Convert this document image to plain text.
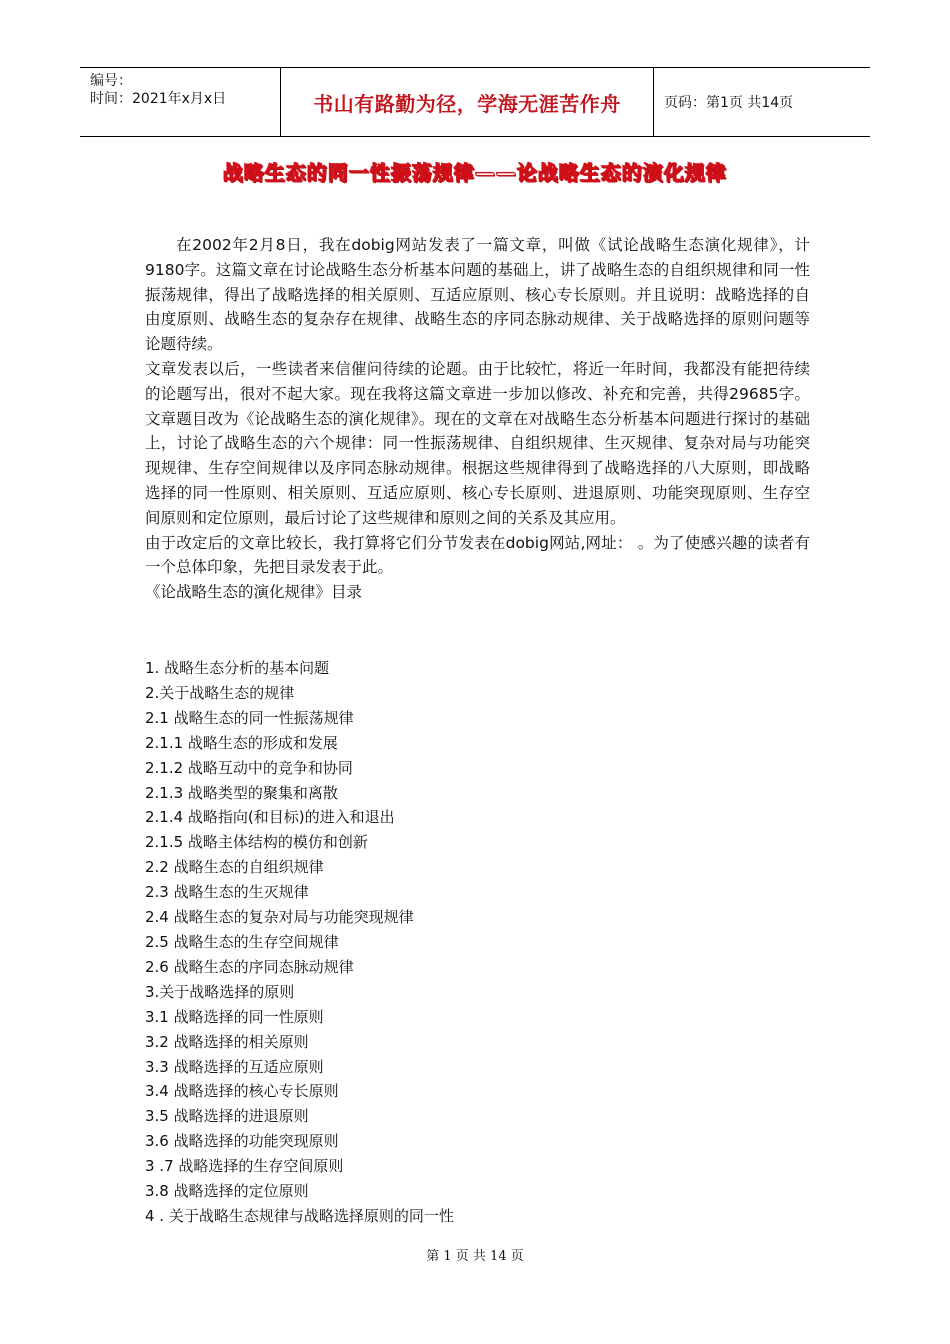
编号：
时间：2021年x月x日	书山有路勤为径，学海无涯苦作舟	页码：第1页 共14页
战略生态的同一性振荡规律——论战略生态的演化规律

在2002年2月8日，我在dobig网站发表了一篇文章，叫做《试论战略生态演化规律》，计9180字。这篇文章在讨论战略生态分析基本问题的基础上，讲了战略生态的自组织规律和同一性振荡规律，得出了战略选择的相关原则、互适应原则、核心专长原则。并且说明：战略选择的自由度原则、战略生态的复杂存在规律、战略生态的序同态脉动规律、关于战略选择的原则问题等论题待续。

文章发表以后，一些读者来信催问待续的论题。由于比较忙，将近一年时间，我都没有能把待续的论题写出，很对不起大家。现在我将这篇文章进一步加以修改、补充和完善，共得29685字。文章题目改为《论战略生态的演化规律》。现在的文章在对战略生态分析基本问题进行探讨的基础上，讨论了战略生态的六个规律：同一性振荡规律、自组织规律、生灭规律、复杂对局与功能突现规律、生存空间规律以及序同态脉动规律。根据这些规律得到了战略选择的八大原则，即战略选择的同一性原则、相关原则、互适应原则、核心专长原则、进退原则、功能突现原则、生存空间原则和定位原则，最后讨论了这些规律和原则之间的关系及其应用。

由于改定后的文章比较长，我打算将它们分节发表在dobig网站,网址： 。为了使感兴趣的读者有一个总体印象，先把目录发表于此。

《论战略生态的演化规律》目录

1. 战略生态分析的基本问题
2.关于战略生态的规律
2.1 战略生态的同一性振荡规律
2.1.1 战略生态的形成和发展
2.1.2 战略互动中的竞争和协同
2.1.3 战略类型的聚集和离散
2.1.4 战略指向(和目标)的进入和退出
2.1.5 战略主体结构的模仿和创新
2.2 战略生态的自组织规律
2.3 战略生态的生灭规律
2.4 战略生态的复杂对局与功能突现规律
2.5 战略生态的生存空间规律
2.6 战略生态的序同态脉动规律
3.关于战略选择的原则
3.1 战略选择的同一性原则
3.2 战略选择的相关原则
3.3 战略选择的互适应原则
3.4 战略选择的核心专长原则
3.5 战略选择的进退原则
3.6 战略选择的功能突现原则
3 .7 战略选择的生存空间原则
3.8 战略选择的定位原则
4 . 关于战略生态规律与战略选择原则的同一性
第 1 页 共 14 页
